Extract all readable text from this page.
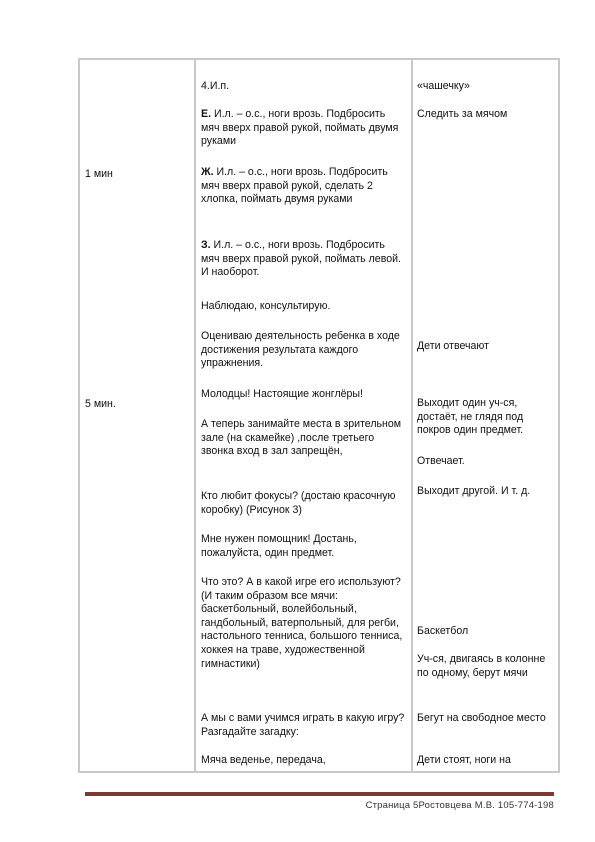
1 мин

5 мин.

4.И.п.

Е. И.л. – о.с., ноги врозь. Подбросить мяч вверх правой рукой, поймать двумя руками

Ж. И.л. – о.с., ноги врозь. Подбросить мяч вверх правой рукой, сделать 2 хлопка, поймать двумя руками

З. И.л. – о.с., ноги врозь. Подбросить мяч вверх правой рукой, поймать левой. И наоборот.

Наблюдаю, консультирую.

Оцениваю деятельность ребенка в ходе достижения результата каждого упражнения.

Молодцы! Настоящие жонглёры!

А теперь занимайте места в зрительном зале (на скамейке) ,после третьего звонка вход в зал запрещён,

Кто любит фокусы? (достаю красочную коробку) (Рисунок 3)

Мне нужен помощник! Достань, пожалуйста, один предмет.

Что это? А в какой игре его используют? (И таким образом все мячи: баскетбольный, волейбольный, гандбольный, ватерпольный, для регби, настольного тенниса, большого тенниса, хоккея на траве, художественной гимнастики)

А мы с вами учимся играть в какую игру? Разгадайте загадку:

Мяча веденье, передача,

«чашечку»

Следить за мячом

Дети отвечают

Выходит один уч-ся, достаёт, не глядя под покров один предмет.

Отвечает.

Выходит другой. И т. д.

Баскетбол

Уч-ся, двигаясь в колонне по одному, берут мячи

Бегут на свободное место

Дети стоят, ноги на

Страница 5Ростовцева М.В. 105-774-198
